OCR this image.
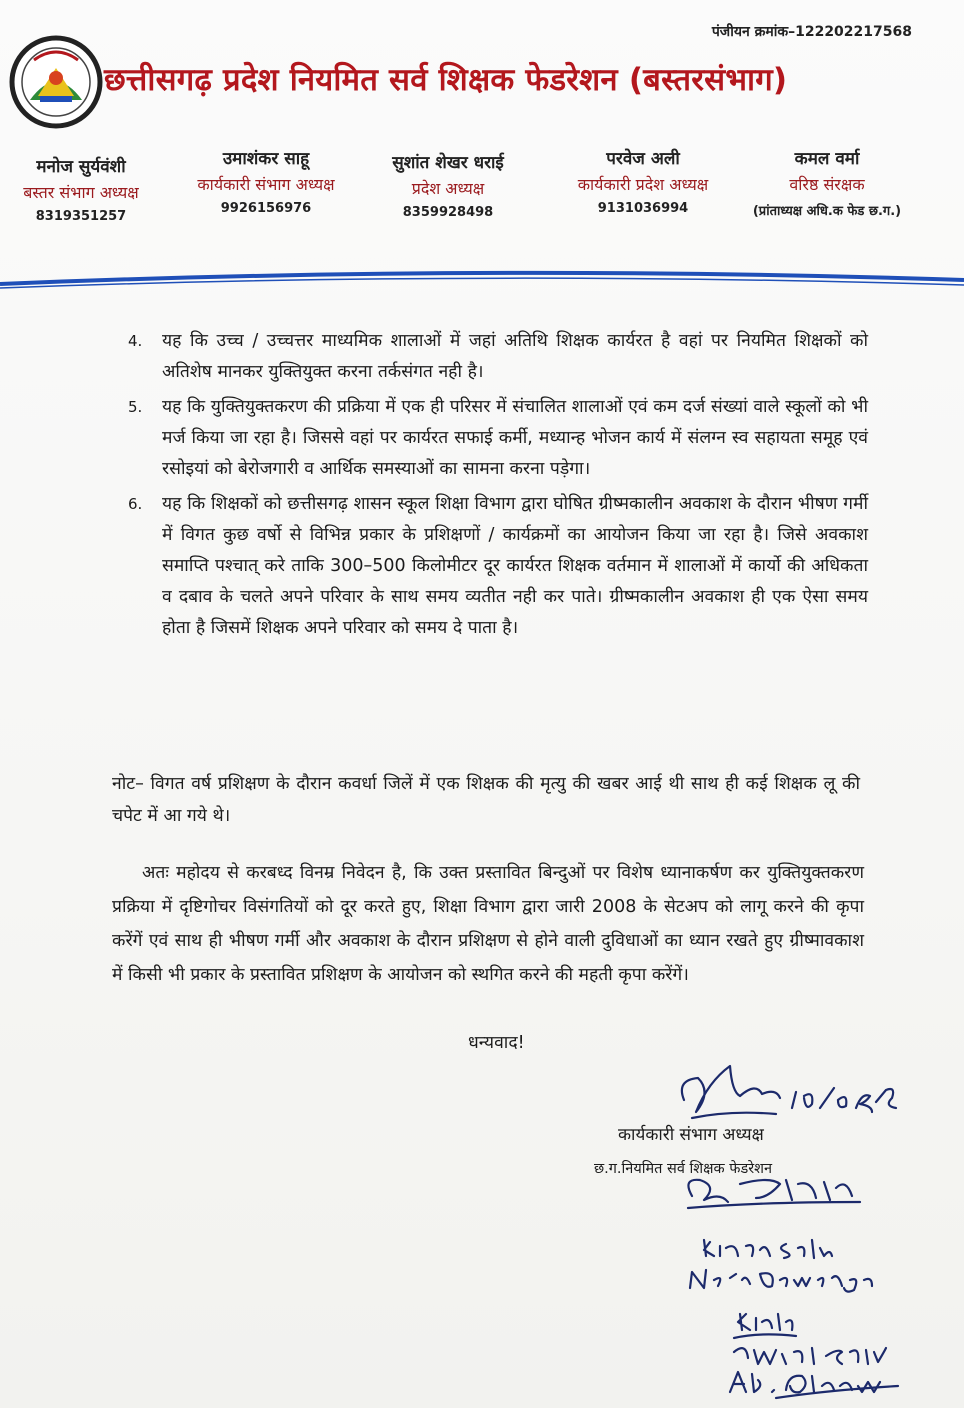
पंजीयन क्रमांक–122202217568
छत्तीसगढ़ प्रदेश नियमित सर्व शिक्षक फेडरेशन (बस्तरसंभाग)
मनोज सुर्यवंशी
बस्तर संभाग अध्यक्ष
8319351257
उमाशंकर साहू
कार्यकारी संभाग अध्यक्ष
9926156976
सुशांत शेखर धराई
प्रदेश अध्यक्ष
8359928498
परवेज अली
कार्यकारी प्रदेश अध्यक्ष
9131036994
कमल वर्मा
वरिष्ठ संरक्षक
(प्रांताध्यक्ष अधि.क फेड छ.ग.)
4. यह कि उच्च / उच्चत्तर माध्यमिक शालाओं में जहां अतिथि शिक्षक कार्यरत है वहां पर नियमित शिक्षकों को अतिशेष मानकर युक्तियुक्त करना तर्कसंगत नही है।
5. यह कि युक्तियुक्तकरण की प्रक्रिया में एक ही परिसर में संचालित शालाओं एवं कम दर्ज संख्यां वाले स्कूलों को भी मर्ज किया जा रहा है। जिससे वहां पर कार्यरत सफाई कर्मी, मध्यान्ह भोजन कार्य में संलग्न स्व सहायता समूह एवं रसोइयां को बेरोजगारी व आर्थिक समस्याओं का सामना करना पड़ेगा।
6. यह कि शिक्षकों को छत्तीसगढ़ शासन स्कूल शिक्षा विभाग द्वारा घोषित ग्रीष्मकालीन अवकाश के दौरान भीषण गर्मी में विगत कुछ वर्षो से विभिन्न प्रकार के प्रशिक्षणों / कार्यक्रमों का आयोजन किया जा रहा है। जिसे अवकाश समाप्ति पश्चात् करे ताकि 300–500 किलोमीटर दूर कार्यरत शिक्षक वर्तमान में शालाओं में कार्यो की अधिकता व दबाव के चलते अपने परिवार के साथ समय व्यतीत नही कर पाते। ग्रीष्मकालीन अवकाश ही एक ऐसा समय होता है जिसमें शिक्षक अपने परिवार को समय दे पाता है।
नोट– विगत वर्ष प्रशिक्षण के दौरान कवर्धा जिलें में एक शिक्षक की मृत्यु की खबर आई थी साथ ही कई शिक्षक लू की चपेट में आ गये थे।
अतः महोदय से करबध्द विनम्र निवेदन है, कि उक्त प्रस्तावित बिन्दुओं पर विशेष ध्यानाकर्षण कर युक्तियुक्तकरण प्रक्रिया में दृष्टिगोचर विसंगतियों को दूर करते हुए, शिक्षा विभाग द्वारा जारी 2008 के सेटअप को लागू करने की कृपा करेंगें एवं साथ ही भीषण गर्मी और अवकाश के दौरान प्रशिक्षण से होने वाली दुविधाओं का ध्यान रखते हुए ग्रीष्मावकाश में किसी भी प्रकार के प्रस्तावित प्रशिक्षण के आयोजन को स्थगित करने की महती कृपा करेंगें।
धन्यवाद!
कार्यकारी संभाग अध्यक्ष
छ.ग.नियमित सर्व शिक्षक फेडरेशन
